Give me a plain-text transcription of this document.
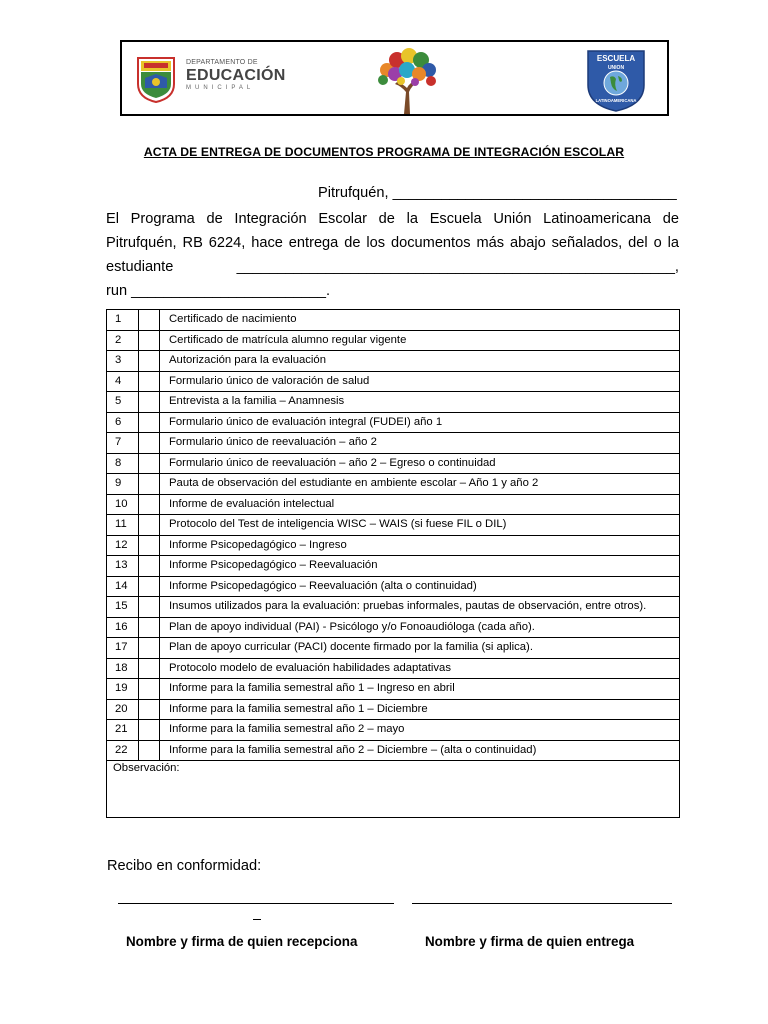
DEPARTAMENTO DE
EDUCACIÓN
MUNICIPAL
ESCUELA
UNION
LATINOAMERICANA
ACTA DE ENTREGA DE DOCUMENTOS PROGRAMA DE INTEGRACIÓN ESCOLAR
Pitrufquén, ___________________________________
El Programa de Integración Escolar de la Escuela Unión Latinoamericana de
Pitrufquén, RB 6224, hace entrega de los documentos más abajo señalados, del o la
estudiante ______________________________________________________,
run ________________________.
1		Certificado de nacimiento
2		Certificado de matrícula alumno regular vigente
3		Autorización para la evaluación
4		Formulario único de valoración de salud
5		Entrevista a la familia – Anamnesis
6		Formulario único de evaluación integral (FUDEI) año 1
7		Formulario único de reevaluación – año 2
8		Formulario único de reevaluación – año 2 – Egreso o continuidad
9		Pauta de observación del estudiante en ambiente escolar – Año 1 y año 2
10		Informe de evaluación intelectual
11		Protocolo del Test de inteligencia WISC – WAIS (si fuese FIL o DIL)
12		Informe Psicopedagógico – Ingreso
13		Informe Psicopedagógico – Reevaluación
14		Informe Psicopedagógico – Reevaluación (alta o continuidad)
15		Insumos utilizados para la evaluación: pruebas informales, pautas de observación, entre otros).
16		Plan de apoyo individual (PAI) - Psicólogo y/o Fonoaudióloga (cada año).
17		Plan de apoyo curricular (PACI) docente firmado por la familia (si aplica).
18		Protocolo modelo de evaluación habilidades adaptativas
19		Informe para la familia semestral año 1 – Ingreso en abril
20		Informe para la familia semestral año 1 – Diciembre
21		Informe para la familia semestral año 2 – mayo
22		Informe para la familia semestral año 2 – Diciembre – (alta o continuidad)
Observación:		
Recibo en conformidad:
Nombre y firma de quien recepciona	Nombre y firma de quien entrega
